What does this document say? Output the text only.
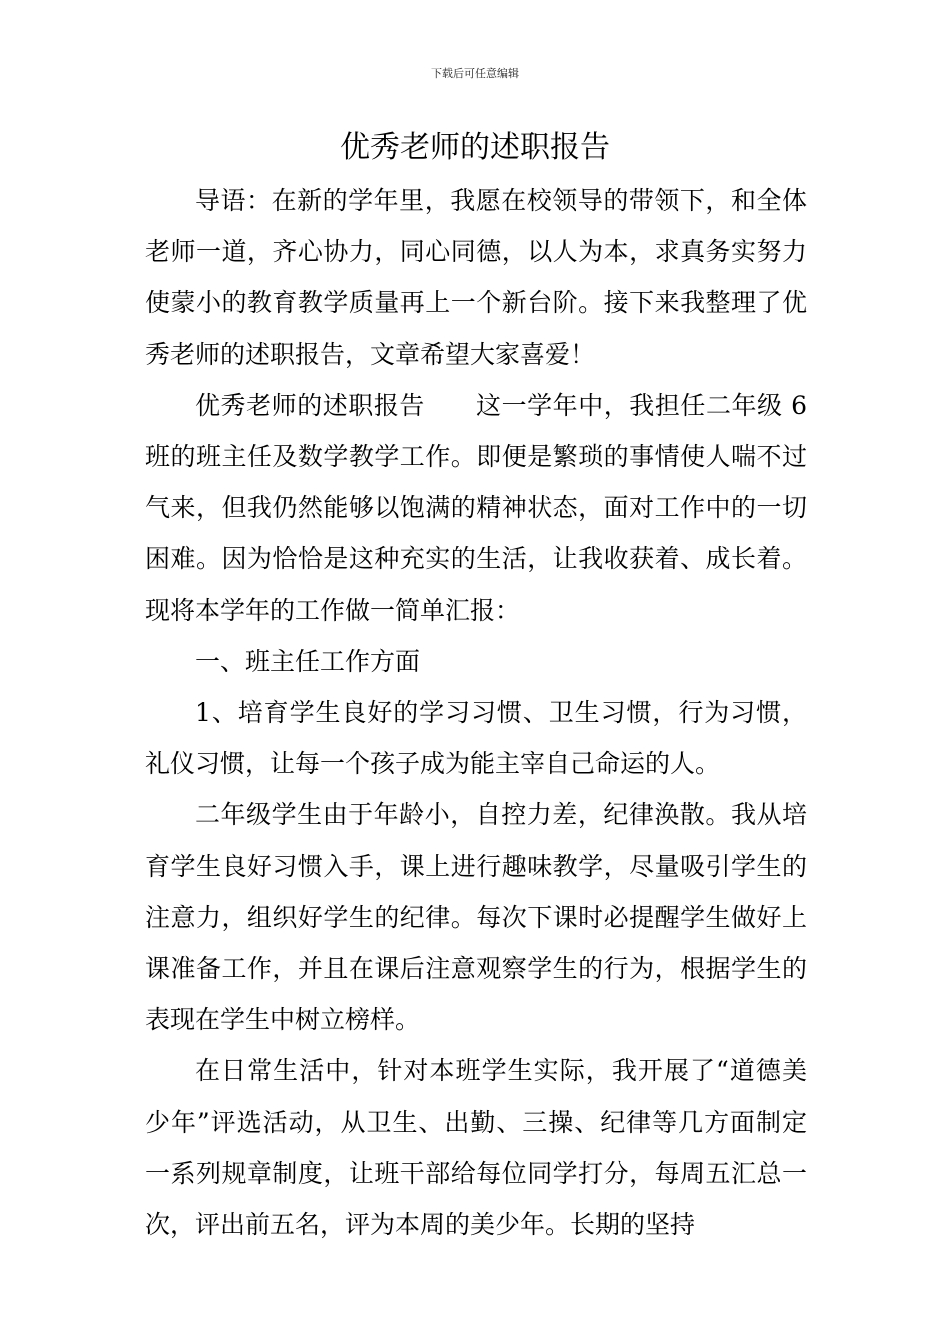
下载后可任意编辑
优秀老师的述职报告

导语：在新的学年里，我愿在校领导的带领下，和全体老师一道，齐心协力，同心同德，以人为本，求真务实努力使蒙小的教育教学质量再上一个新台阶。接下来我整理了优秀老师的述职报告，文章希望大家喜爱！

优秀老师的述职报告　　这一学年中，我担任二年级 6 班的班主任及数学教学工作。即便是繁琐的事情使人喘不过气来，但我仍然能够以饱满的精神状态，面对工作中的一切困难。因为恰恰是这种充实的生活，让我收获着、成长着。现将本学年的工作做一简单汇报：

一、班主任工作方面

1、培育学生良好的学习习惯、卫生习惯，行为习惯，礼仪习惯，让每一个孩子成为能主宰自己命运的人。

二年级学生由于年龄小，自控力差，纪律涣散。我从培育学生良好习惯入手，课上进行趣味教学，尽量吸引学生的注意力，组织好学生的纪律。每次下课时必提醒学生做好上课准备工作，并且在课后注意观察学生的行为，根据学生的表现在学生中树立榜样。

在日常生活中，针对本班学生实际，我开展了“道德美少年”评选活动，从卫生、出勤、三操、纪律等几方面制定一系列规章制度，让班干部给每位同学打分，每周五汇总一次，评出前五名，评为本周的美少年。长期的坚持
